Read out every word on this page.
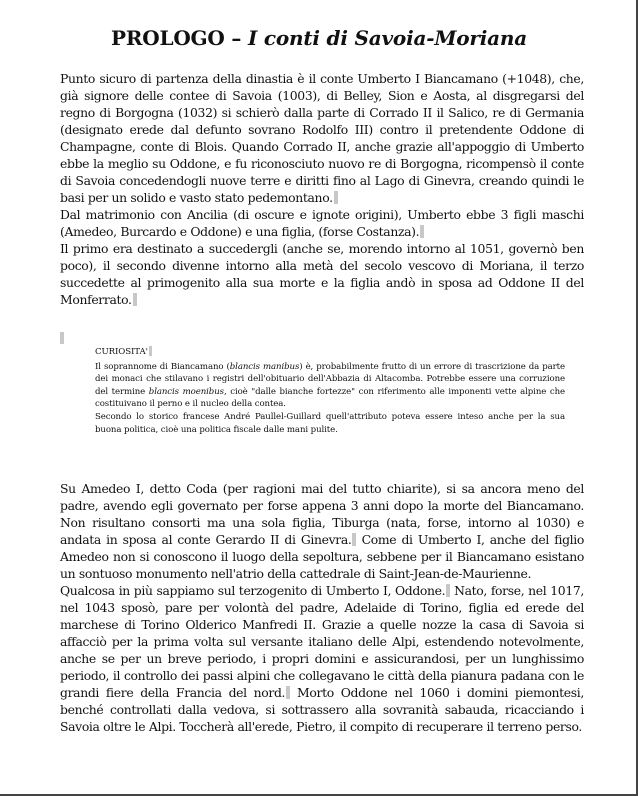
PROLOGO – I conti di Savoia-Moriana

Punto sicuro di partenza della dinastia è il conte Umberto I Biancamano (+1048), che, già signore delle contee di Savoia (1003), di Belley, Sion e Aosta, al disgregarsi del regno di Borgogna (1032) si schierò dalla parte di Corrado II il Salico, re di Germania (designato erede dal defunto sovrano Rodolfo III) contro il pretendente Oddone di Champagne, conte di Blois. Quando Corrado II, anche grazie all'appoggio di Umberto ebbe la meglio su Oddone, e fu riconosciuto nuovo re di Borgogna, ricompensò il conte di Savoia concedendogli nuove terre e diritti fino al Lago di Ginevra, creando quindi le basi per un solido e vasto stato pedemontano.

Dal matrimonio con Ancilia (di oscure e ignote origini), Umberto ebbe 3 figli maschi (Amedeo, Burcardo e Oddone) e una figlia, (forse Costanza).

Il primo era destinato a succedergli (anche se, morendo intorno al 1051, governò ben poco), il secondo divenne intorno alla metà del secolo vescovo di Moriana, il terzo succedette al primogenito alla sua morte e la figlia andò in sposa ad Oddone II del Monferrato.

CURIOSITA'

Il soprannome di Biancamano (blancis manibus) è, probabilmente frutto di un errore di trascrizione da parte dei monaci che stilavano i registri dell'obituario dell'Abbazia di Altacomba. Potrebbe essere una corruzione del termine blancis moenibus, cioè "dalle bianche fortezze" con riferimento alle imponenti vette alpine che costituivano il perno e il nucleo della contea.

Secondo lo storico francese André Paullel-Guillard quell'attributo poteva essere inteso anche per la sua buona politica, cioè una politica fiscale dalle mani pulite.

Su Amedeo I, detto Coda (per ragioni mai del tutto chiarite), si sa ancora meno del padre, avendo egli governato per forse appena 3 anni dopo la morte del Biancamano. Non risultano consorti ma una sola figlia, Tiburga (nata, forse, intorno al 1030) e andata in sposa al conte Gerardo II di Ginevra. Come di Umberto I, anche del figlio Amedeo non si conoscono il luogo della sepoltura, sebbene per il Biancamano esistano un sontuoso monumento nell'atrio della cattedrale di Saint-Jean-de-Maurienne.

Qualcosa in più sappiamo sul terzogenito di Umberto I, Oddone. Nato, forse, nel 1017, nel 1043 sposò, pare per volontà del padre, Adelaide di Torino, figlia ed erede del marchese di Torino Olderico Manfredi II. Grazie a quelle nozze la casa di Savoia si affacciò per la prima volta sul versante italiano delle Alpi, estendendo notevolmente, anche se per un breve periodo, i propri domini e assicurandosi, per un lunghissimo periodo, il controllo dei passi alpini che collegavano le città della pianura padana con le grandi fiere della Francia del nord. Morto Oddone nel 1060 i domini piemontesi, benché controllati dalla vedova, si sottrassero alla sovranità sabauda, ricacciando i Savoia oltre le Alpi. Toccherà all'erede, Pietro, il compito di recuperare il terreno perso.
